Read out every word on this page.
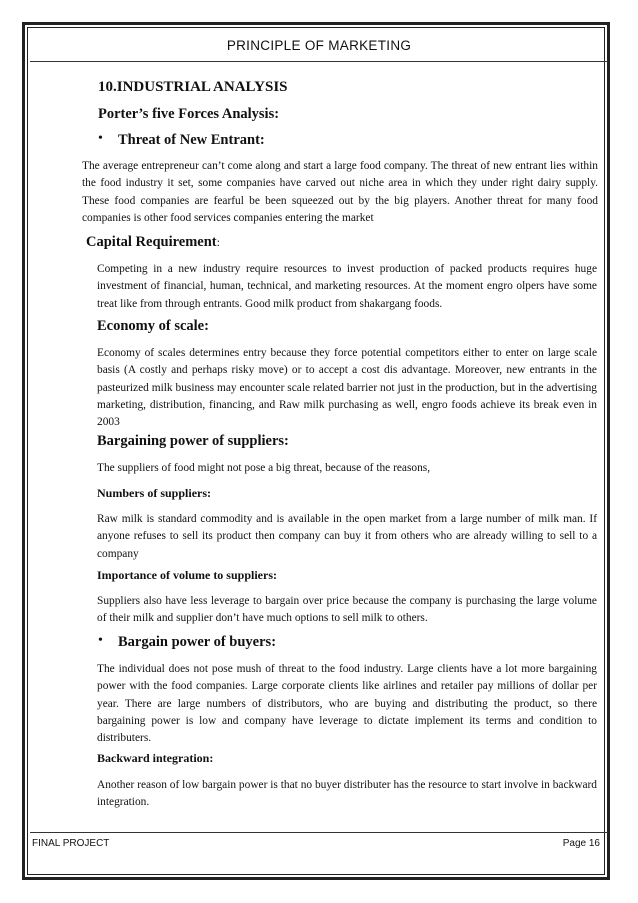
PRINCIPLE OF MARKETING
10.INDUSTRIAL ANALYSIS
Porter’s five Forces Analysis:
• Threat of New Entrant:
The average entrepreneur can’t come along and start a large food company. The threat of new entrant lies within the food industry it set, some companies have carved out niche area in which they under right dairy supply. These food companies are fearful be been squeezed out by the big players. Another threat for many food companies is other food services companies entering the market
Capital Requirement:
Competing in a new industry require resources to invest production of packed products requires huge investment of financial, human, technical, and marketing resources. At the moment engro olpers have some treat like from through entrants. Good milk product from shakargang foods.
Economy of scale:
Economy of scales determines entry because they force potential competitors either to enter on large scale basis (A costly and perhaps risky move) or to accept a cost dis advantage. Moreover, new entrants in the pasteurized milk business may encounter scale related barrier not just in the production, but in the advertising marketing, distribution, financing, and Raw milk purchasing as well, engro foods achieve its break even in 2003
Bargaining power of suppliers:
The suppliers of food might not pose a big threat, because of the reasons,
Numbers of suppliers:
Raw milk is standard commodity and is available in the open market from a large number of milk man. If anyone refuses to sell its product then company can buy it from others who are already willing to sell to a company
Importance of volume to suppliers:
Suppliers also have less leverage to bargain over price because the company is purchasing the large volume of their milk and supplier don’t have much options to sell milk to others.
• Bargain power of buyers:
The individual does not pose mush of threat to the food industry. Large clients have a lot more bargaining power with the food companies. Large corporate clients like airlines and retailer pay millions of dollar per year. There are large numbers of distributors, who are buying and distributing the product, so there bargaining power is low and company have leverage to dictate implement its terms and condition to distributers.
Backward integration:
Another reason of low bargain power is that no buyer distributer has the resource to start involve in backward integration.
FINAL PROJECT	Page 16
